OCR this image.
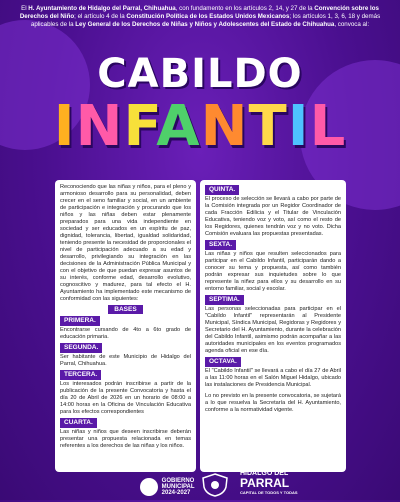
El H. Ayuntamiento de Hidalgo del Parral, Chihuahua, con fundamento en los artículos 2, 14, y 27 de la Convención sobre los Derechos del Niño; el artículo 4 de la Constitución Política de los Estados Unidos Mexicanos; los artículos 1, 3, 6, 18 y demás aplicables de la Ley General de los Derechos de Niñas y Niños y Adolescentes del Estado de Chihuahua, convoca al:
CABILDO
INFANTIL

Reconociendo que las niñas y niños, para el pleno y armonioso desarrollo para su personalidad, deben crecer en el seno familiar y social, en un ambiente de participación e integración y procurando que los niños y las niñas deben estar plenamente preparados para una vida independiente en sociedad y ser educados en un espíritu de paz, dignidad, tolerancia, libertad, igualdad solidaridad, teniendo presente la necesidad de proporcionales el nivel de participación adecuado a su edad y desarrollo, privilegiando su integración en las decisiones de la Administración Pública Municipal y con el objetivo de que puedan expresar asuntos de su interés, conforme edad, desarrollo evolutivo, cognoscitivo y madurez, para tal efecto el H. Ayuntamiento ha implementado este mecanismo de conformidad con las siguientes:

BASES
PRIMERA.

Encontrarse cursando de 4to a 6to grado de educación primaria.

SEGUNDA.

Ser habitante de este Municipio de Hidalgo del Parral, Chihuahua.

TERCERA.

Los interesados podrán inscribirse a partir de la publicación de la presente Convocatoria y hasta el día 20 de Abril de 2026 en un horario de 08:00 a 14:00 horas en la Oficina de Vinculación Educativa para los efectos correspondientes

CUARTA.

Las niñas y niños que deseen inscribirse deberán presentar una propuesta relacionada en temas referentes a los derechos de las niñas y los niños.

QUINTA.

El proceso de selección se llevará a cabo por parte de la Comisión integrada por un Regidor Coordinador de cada Fracción Edilicia y el Titular de Vinculación Educativa, teniendo voz y voto, así como el resto de los Regidores, quienes tendrán voz y no voto. Dicha Comisión evaluara las propuestas presentadas.

SEXTA.

Las niñas y niños que resulten seleccionados para participar en el Cabildo Infantil, participarán dando a conocer su tema y propuesta, así como también podrán expresar sus inquietudes sobre lo que represente la niñez para ellos y su desarrollo en su entorno familiar, social y escolar.

SEPTIMA.

Las personas seleccionadas para participar en el "Cabildo Infantil" representarán al Presidente Municipal, Síndica Municipal, Regidoras y Regidores y Secretario del H. Ayuntamiento, durante la celebración del Cabildo Infantil, asimismo podrán acompañar a las autoridades municipales en los eventos programados agenda oficial en ese día.

OCTAVA.

El "Cabildo Infantil" se llevará a cabo el día 27 de Abril a las 11:00 horas en el Salón Miguel Hidalgo, ubicado las instalaciones de Presidencia Municipal.

Lo no previsto en la presente convocatoria, se sujetará a lo que resuelva la Secretaría del H. Ayuntamiento, conforme a la normatividad vigente.

GOBIERNO
MUNICIPAL
2024-2027
HIDALGO DEL
PARRAL
CAPITAL DE TODOS Y TODAS
